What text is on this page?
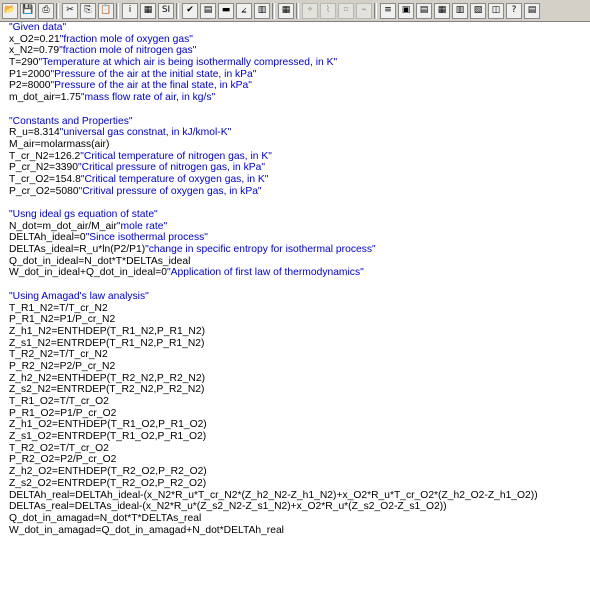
📂 💾 ⎙	✂	⎘ 📋	i	▦	SI	✔	▤	▬	⦤	▥	▦	⌖	⌇	⌗	⌁	≡	▣	▤	▦	▥	▧	◫	?	▤
"Given data"
x_O2=0.21"fraction mole of oxygen gas"
x_N2=0.79"fraction mole of nitrogen gas"
T=290"Temperature at which air is being isothermally compressed, in K"
P1=2000"Pressure of the air at the initial state, in kPa"
P2=8000"Pressure of the air at the final state, in kPa"
m_dot_air=1.75"mass flow rate of air, in kg/s"
"Constants and Properties"
R_u=8.314"universal gas constnat, in kJ/kmol-K"
M_air=molarmass(air)
T_cr_N2=126.2"Critical temperature of nitrogen gas, in K"
P_cr_N2=3390"Critical pressure of nitrogen gas, in kPa"
T_cr_O2=154.8"Critical temperature of oxygen gas, in K"
P_cr_O2=5080"Critival pressure of oxygen gas, in kPa"
"Usng ideal gs equation of state"
N_dot=m_dot_air/M_air"mole rate"
DELTAh_ideal=0"Since isothermal process"
DELTAs_ideal=R_u*ln(P2/P1)"change in specific entropy for isothermal process"
Q_dot_in_ideal=N_dot*T*DELTAs_ideal
W_dot_in_ideal+Q_dot_in_ideal=0"Application of first law of thermodynamics"
"Using Amagad's law analysis"
T_R1_N2=T/T_cr_N2
P_R1_N2=P1/P_cr_N2
Z_h1_N2=ENTHDEP(T_R1_N2,P_R1_N2)
Z_s1_N2=ENTRDEP(T_R1_N2,P_R1_N2)
T_R2_N2=T/T_cr_N2
P_R2_N2=P2/P_cr_N2
Z_h2_N2=ENTHDEP(T_R2_N2,P_R2_N2)
Z_s2_N2=ENTRDEP(T_R2_N2,P_R2_N2)
T_R1_O2=T/T_cr_O2
P_R1_O2=P1/P_cr_O2
Z_h1_O2=ENTHDEP(T_R1_O2,P_R1_O2)
Z_s1_O2=ENTRDEP(T_R1_O2,P_R1_O2)
T_R2_O2=T/T_cr_O2
P_R2_O2=P2/P_cr_O2
Z_h2_O2=ENTHDEP(T_R2_O2,P_R2_O2)
Z_s2_O2=ENTRDEP(T_R2_O2,P_R2_O2)
DELTAh_real=DELTAh_ideal-(x_N2*R_u*T_cr_N2*(Z_h2_N2-Z_h1_N2)+x_O2*R_u*T_cr_O2*(Z_h2_O2-Z_h1_O2))
DELTAs_real=DELTAs_ideal-(x_N2*R_u*(Z_s2_N2-Z_s1_N2)+x_O2*R_u*(Z_s2_O2-Z_s1_O2))
Q_dot_in_amagad=N_dot*T*DELTAs_real
W_dot_in_amagad=Q_dot_in_amagad+N_dot*DELTAh_real
